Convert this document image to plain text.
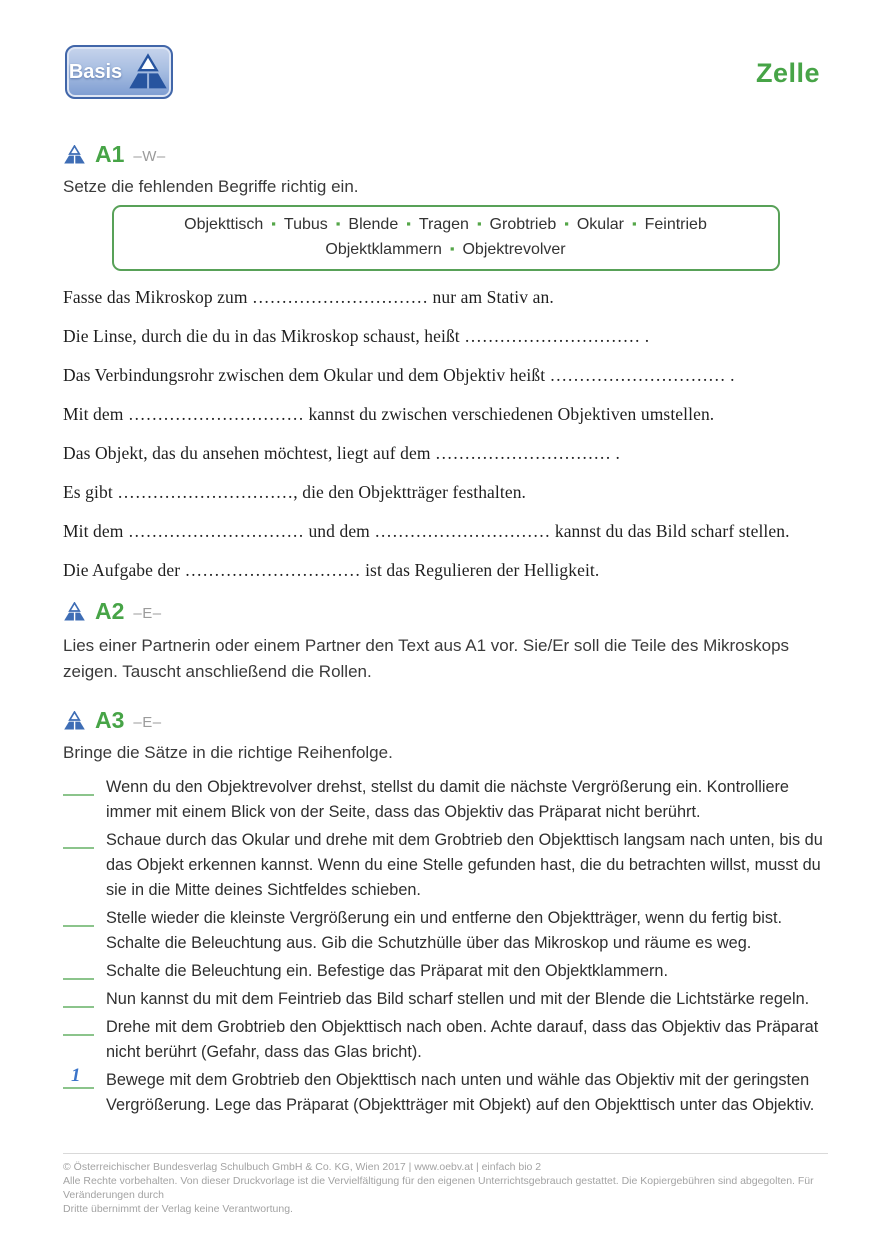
Basis	Zelle
A1 –W–
Setze die fehlenden Begriffe richtig ein.
Objekttisch ▪ Tubus ▪ Blende ▪ Tragen ▪ Grobtrieb ▪ Okular ▪ Feintrieb
Objektklammern ▪ Objektrevolver

Fasse das Mikroskop zum ………………………… nur am Stativ an.

Die Linse, durch die du in das Mikroskop schaust, heißt ………………………… .

Das Verbindungsrohr zwischen dem Okular und dem Objektiv heißt ………………………… .

Mit dem ………………………… kannst du zwischen verschiedenen Objektiven umstellen.

Das Objekt, das du ansehen möchtest, liegt auf dem ………………………… .

Es gibt …………………………, die den Objektträger festhalten.

Mit dem ………………………… und dem ………………………… kannst du das Bild scharf stellen.

Die Aufgabe der ………………………… ist das Regulieren der Helligkeit.

A2 –E–
Lies einer Partnerin oder einem Partner den Text aus A1 vor. Sie/Er soll die Teile des Mikroskops zeigen. Tauscht anschließend die Rollen.
A3 –E–
Bringe die Sätze in die richtige Reihenfolge.
Wenn du den Objektrevolver drehst, stellst du damit die nächste Vergrößerung ein. Kontrolliere immer mit einem Blick von der Seite, dass das Objektiv das Präparat nicht berührt.
Schaue durch das Okular und drehe mit dem Grobtrieb den Objekttisch langsam nach unten, bis du das Objekt erkennen kannst. Wenn du eine Stelle gefunden hast, die du betrachten willst, musst du sie in die Mitte deines Sichtfeldes schieben.
Stelle wieder die kleinste Vergrößerung ein und entferne den Objektträger, wenn du fertig bist. Schalte die Beleuchtung aus. Gib die Schutzhülle über das Mikroskop und räume es weg.
Schalte die Beleuchtung ein. Befestige das Präparat mit den Objektklammern.
Nun kannst du mit dem Feintrieb das Bild scharf stellen und mit der Blende die Lichtstärke regeln.
Drehe mit dem Grobtrieb den Objekttisch nach oben. Achte darauf, dass das Objektiv das Präparat nicht berührt (Gefahr, dass das Glas bricht).
1 Bewege mit dem Grobtrieb den Objekttisch nach unten und wähle das Objektiv mit der geringsten Vergrößerung. Lege das Präparat (Objektträger mit Objekt) auf den Objekttisch unter das Objektiv.
© Österreichischer Bundesverlag Schulbuch GmbH & Co. KG, Wien 2017 | www.oebv.at | einfach bio 2
Alle Rechte vorbehalten. Von dieser Druckvorlage ist die Vervielfältigung für den eigenen Unterrichtsgebrauch gestattet. Die Kopiergebühren sind abgegolten. Für Veränderungen durch
Dritte übernimmt der Verlag keine Verantwortung.
